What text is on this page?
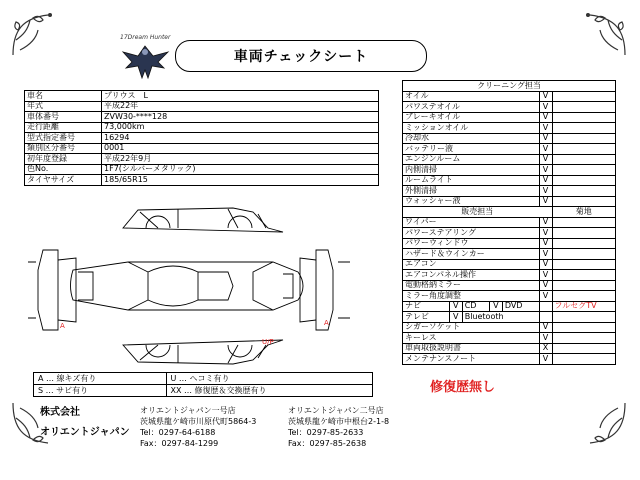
17Dream Hunter
車両チェックシート
車名	プリウス　L
年式	平成22年
車体番号	ZVW30-****128
走行距離	73,000km
型式指定番号	16294
類別区分番号	0001
初年度登録	平成22年9月
色No.	1F7(シルバーメタリック)
タイヤサイズ	185/65R15
クリーニング担当						
オイル					V	
パワステオイル					V	
ブレーキオイル					V	
ミッションオイル					V	
冷却水					V	
バッテリー液					V	
エンジンルーム					V	
内側清掃					V	
ルームライト					V	
外側清掃					V	
ウォッシャー液					V	
販売担当						菊地
ワイパー					V	
パワーステアリング					V	
パワーウィンドウ					V	
ハザード＆ウインカー					V	
エアコン					V	
エアコンパネル操作					V	
電動格納ミラー					V	
ミラー角度調整					V	
ナビ	V	CD	V	DVD		フルセグTV
テレビ	V	Bluetooth				
シガーソケット					V	
キーレス					V	
車両取扱説明書					X	
メンテナンスノート					V	
A	A
U/P
A … 線キズ有り	U … ヘコミ有り
S … サビ有り	XX … 修復歴＆交換歴有り	修復歴無し
株式会社
オリエントジャパン
オリエントジャパン一号店
茨城県龍ケ崎市川原代町5864-3
Tel：0297-64-6188
Fax：0297-84-1299
オリエントジャパン二号店
茨城県龍ケ崎市中根台2-1-8
Tel：0297-85-2633
Fax：0297-85-2638
